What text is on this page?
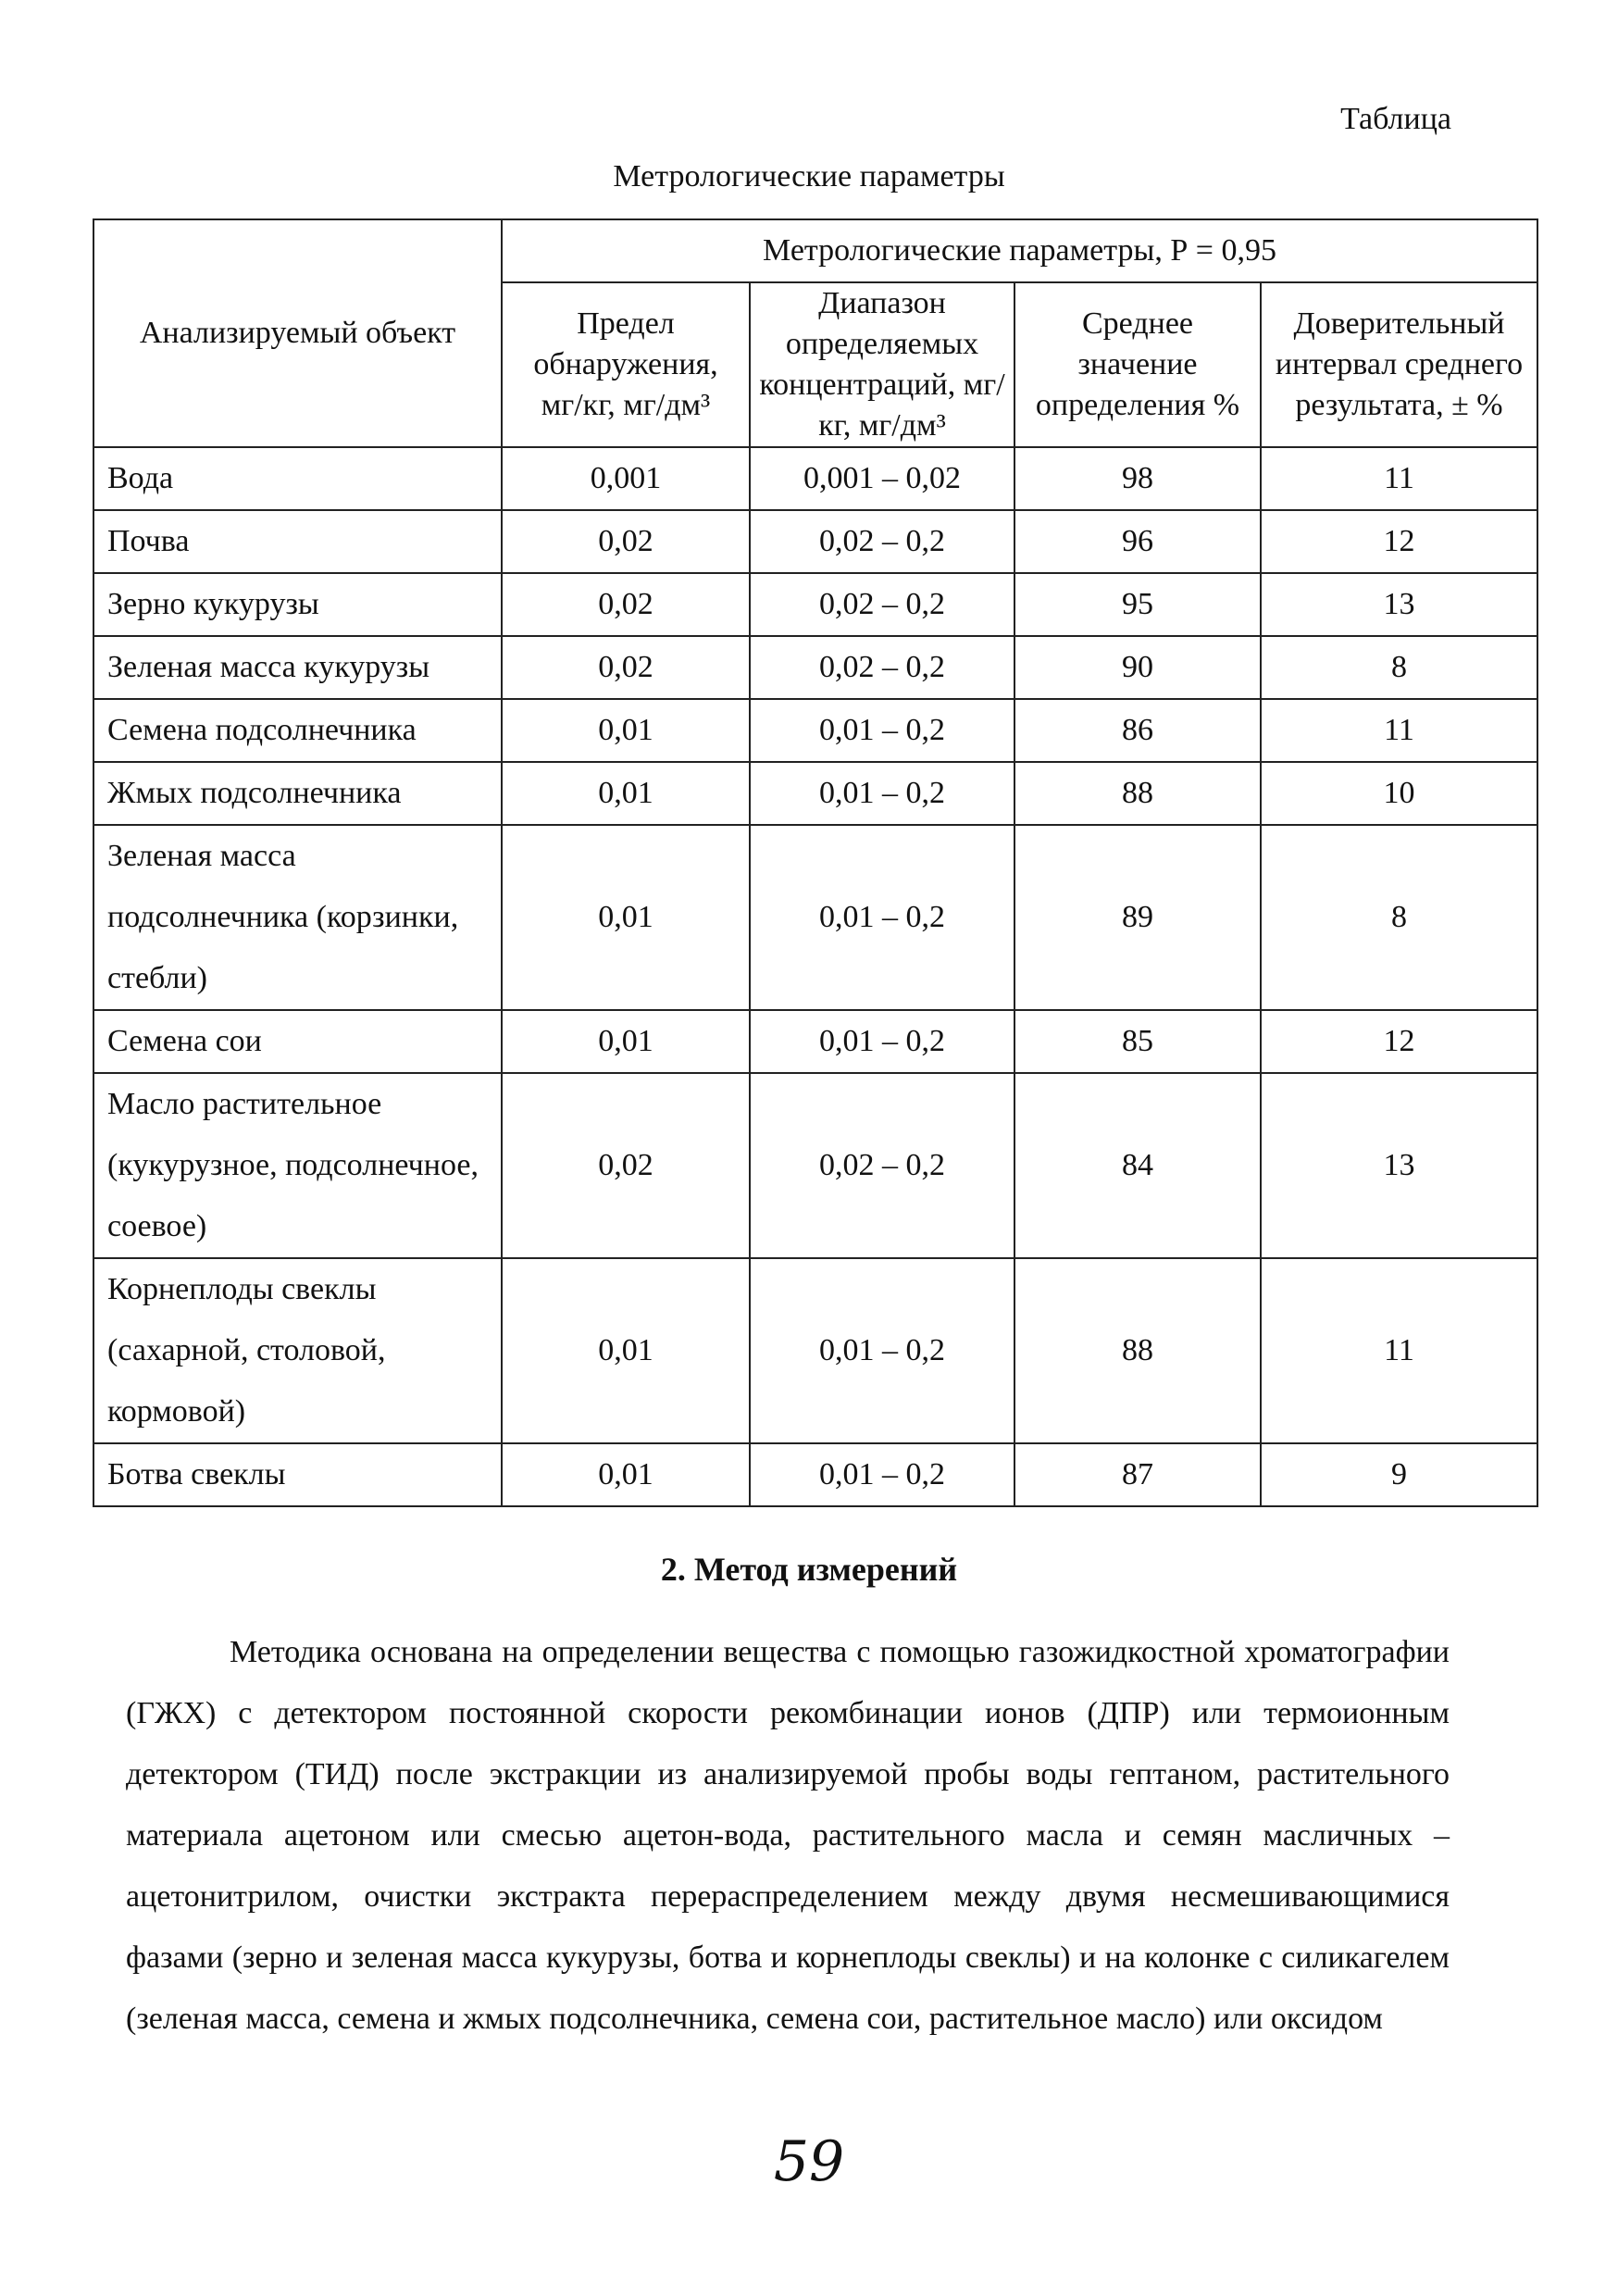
Таблица
Метрологические параметры
Анализируемый объект	Метрологические параметры, Р = 0,95			
	Предел обнаружения, мг/кг, мг/дм³	Диапазон определяемых концентраций, мг/кг, мг/дм³	Среднее значение определения %	Доверительный интервал среднего результата, ± %
Вода	0,001	0,001 – 0,02	98	11
Почва	0,02	0,02 – 0,2	96	12
Зерно кукурузы	0,02	0,02 – 0,2	95	13
Зеленая масса кукурузы	0,02	0,02 – 0,2	90	8
Семена подсолнечника	0,01	0,01 – 0,2	86	11
Жмых подсолнечника	0,01	0,01 – 0,2	88	10
Зеленая масса подсолнечника (корзинки, стебли)	0,01	0,01 – 0,2	89	8
Семена сои	0,01	0,01 – 0,2	85	12
Масло растительное (кукурузное, подсолнечное, соевое)	0,02	0,02 – 0,2	84	13
Корнеплоды свеклы (сахарной, столовой, кормовой)	0,01	0,01 – 0,2	88	11
Ботва свеклы	0,01	0,01 – 0,2	87	9
2. Метод измерений
Методика основана на определении вещества с помощью газожидкостной хроматографии (ГЖХ) с детектором постоянной скорости рекомбинации ионов (ДПР) или термоионным детектором (ТИД) после экстракции из анализируемой пробы воды гептаном, растительного материала ацетоном или смесью ацетон-вода, растительного масла и семян масличных – ацетонитрилом, очистки экстракта перераспределением между двумя несмешивающимися фазами (зерно и зеленая масса кукурузы, ботва и корнеплоды свеклы) и на колонке с силикагелем (зеленая масса, семена и жмых подсолнечника, семена сои, растительное масло) или оксидом
59
